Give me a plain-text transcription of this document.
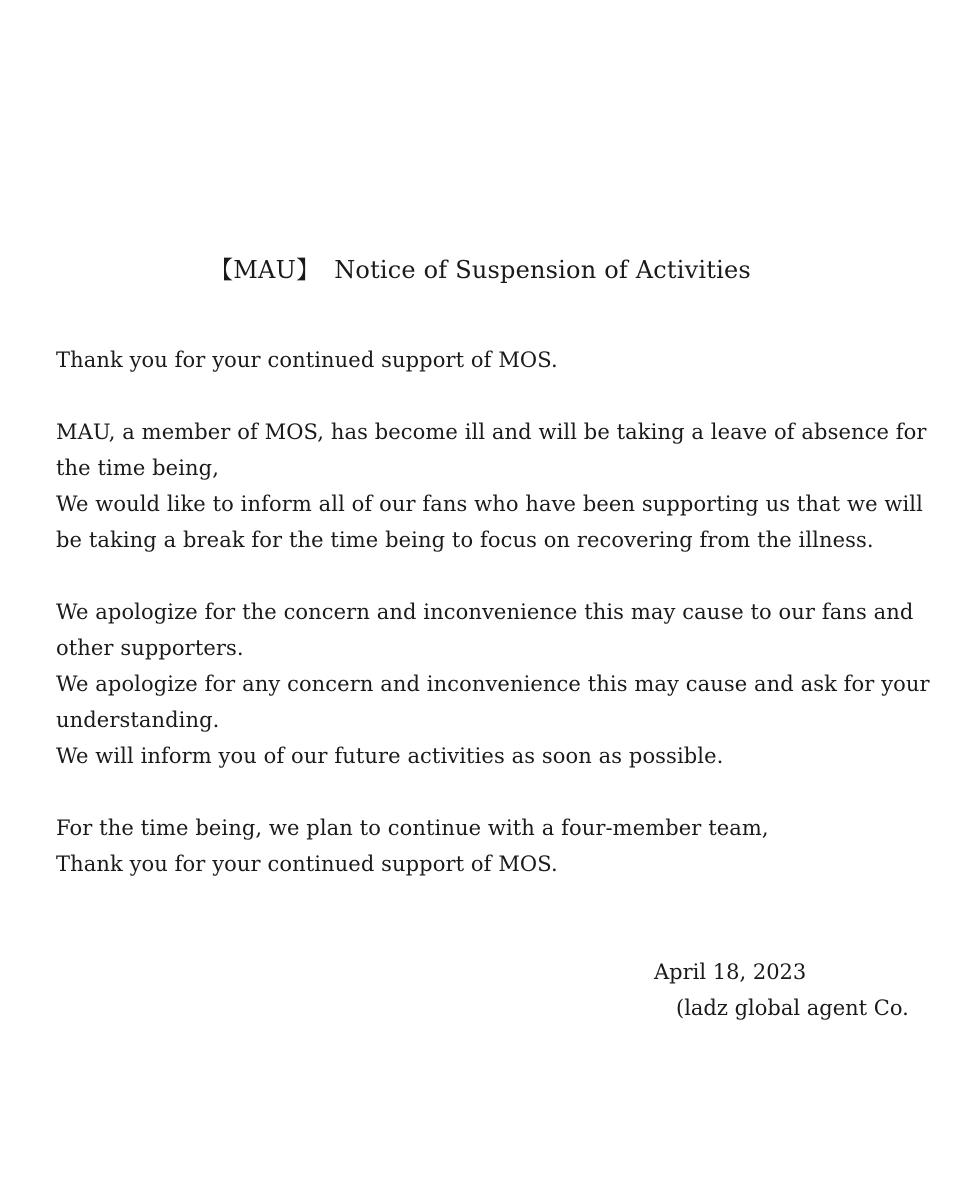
【MAU】 Notice of Suspension of Activities

Thank you for your continued support of MOS.

MAU, a member of MOS, has become ill and will be taking a leave of absence for
the time being,
We would like to inform all of our fans who have been supporting us that we will
be taking a break for the time being to focus on recovering from the illness.

We apologize for the concern and inconvenience this may cause to our fans and
other supporters.
We apologize for any concern and inconvenience this may cause and ask for your
understanding.
We will inform you of our future activities as soon as possible.

For the time being, we plan to continue with a four-member team,
Thank you for your continued support of MOS.

April 18, 2023
(ladz global agent Co.
